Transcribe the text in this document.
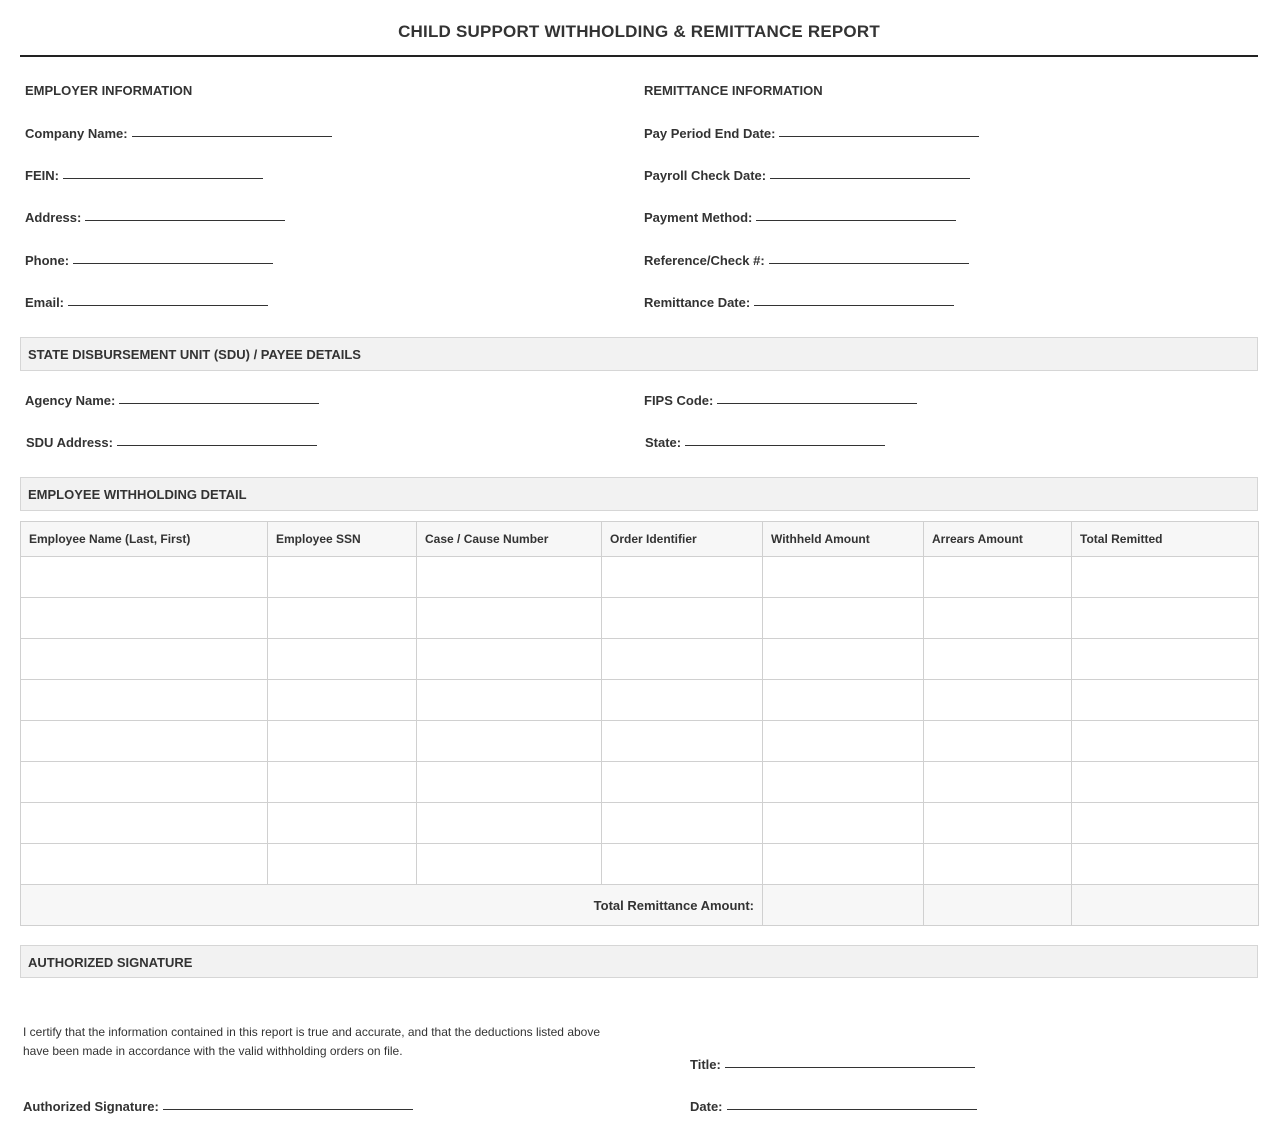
CHILD SUPPORT WITHHOLDING & REMITTANCE REPORT
EMPLOYER INFORMATION
Company Name:
FEIN:
Address:
Phone:
Email:
REMITTANCE INFORMATION
Pay Period End Date:
Payroll Check Date:
Payment Method:
Reference/Check #:
Remittance Date:
STATE DISBURSEMENT UNIT (SDU) / PAYEE DETAILS
Agency Name:
SDU Address:
FIPS Code:
State:
EMPLOYEE WITHHOLDING DETAIL
Employee Name (Last, First)	Employee SSN	Case / Cause Number	Order Identifier	Withheld Amount	Arrears Amount	Total Remitted

Total Remittance Amount:						
AUTHORIZED SIGNATURE
I certify that the information contained in this report is true and accurate, and that the deductions listed above have been made in accordance with the valid withholding orders on file.
Title:
Authorized Signature:	Date:
